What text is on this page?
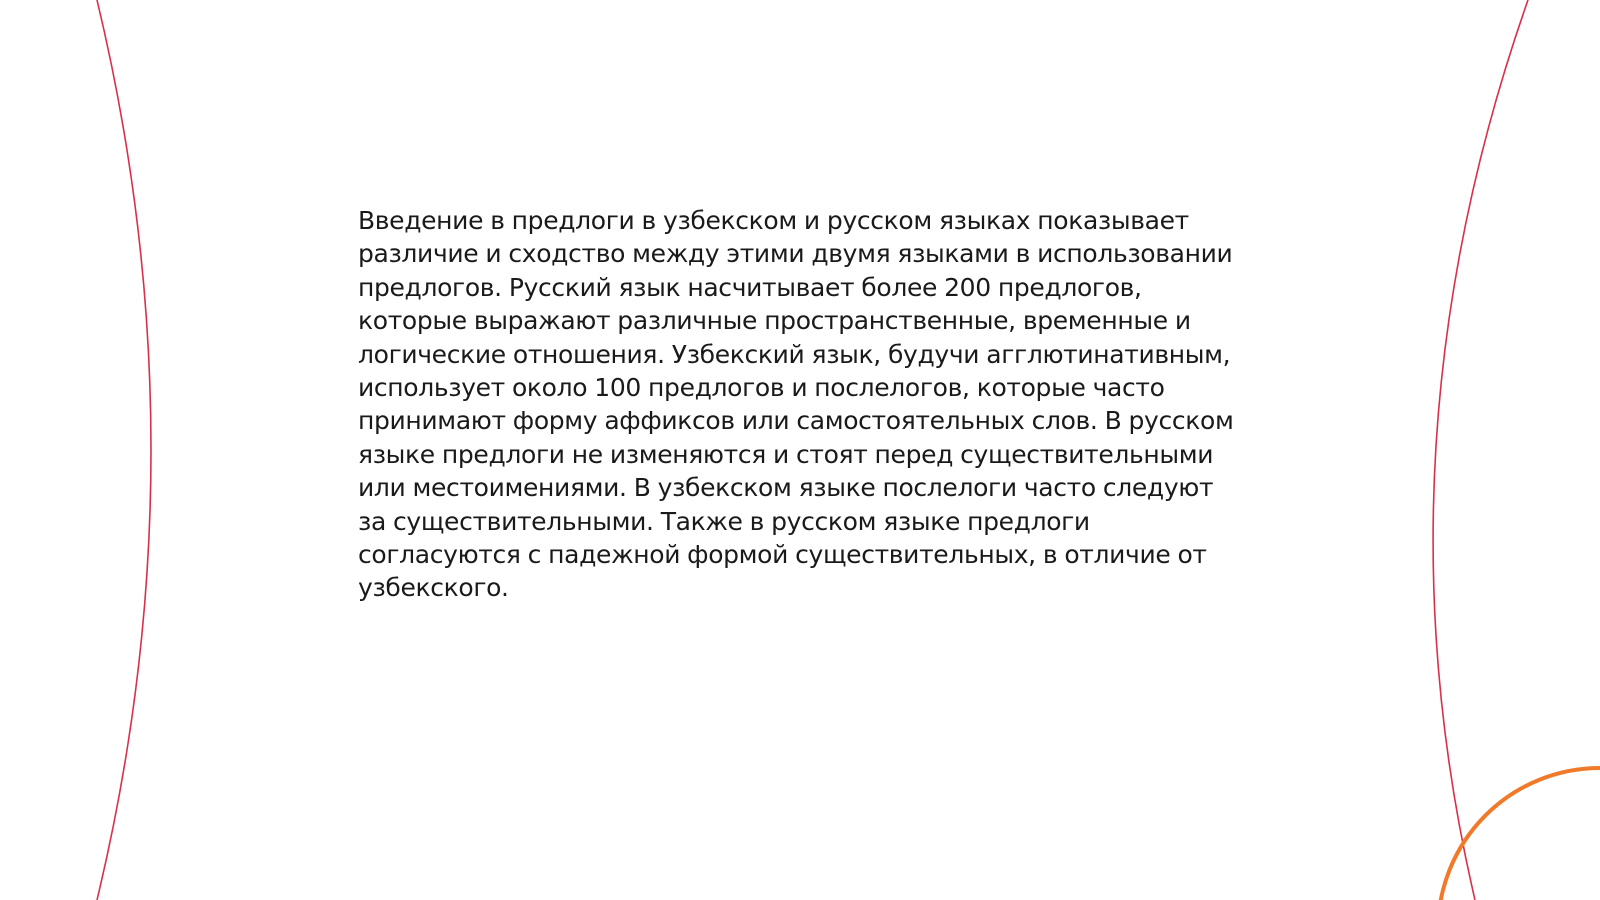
Введение в предлоги в узбекском и русском языках показывает различие и сходство между этими двумя языками в использовании предлогов. Русский язык насчитывает более 200 предлогов, которые выражают различные пространственные, временные и логические отношения. Узбекский язык, будучи агглютинативным, использует около 100 предлогов и послелогов, которые часто принимают форму аффиксов или самостоятельных слов. В русском языке предлоги не изменяются и стоят перед существительными или местоимениями. В узбекском языке послелоги часто следуют за существительными. Также в русском языке предлоги согласуются с падежной формой существительных, в отличие от узбекского.
